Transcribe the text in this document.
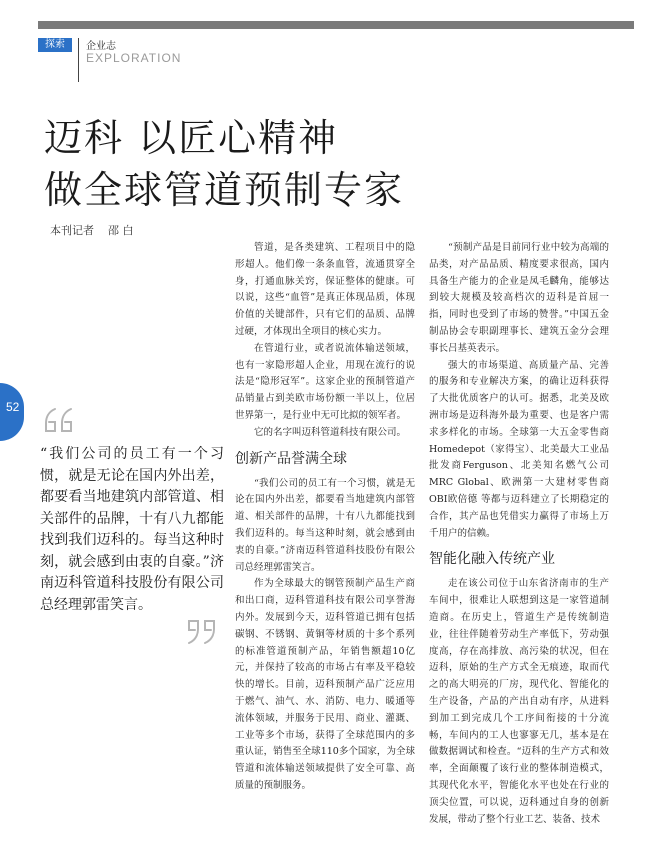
探索	企业志
EXPLORATION
迈科 以匠心精神
做全球管道预制专家
本刊记者    邵 白
52

“我们公司的员工有一个习惯，就是无论在国内外出差，都要看当地建筑内部管道、相关部件的品牌，十有八九都能找到我们迈科的。每当这种时刻，就会感到由衷的自豪。”济南迈科管道科技股份有限公司总经理郭雷笑言。

管道，是各类建筑、工程项目中的隐形超人。他们像一条条血管，流通贯穿全身，打通血脉关窍，保证整体的健康。可以说，这些“血管”是真正体现品质，体现价值的关键部件，只有它们的品质、品牌过硬，才体现出全项目的核心实力。

在管道行业，或者说流体输送领域，也有一家隐形超人企业，用现在流行的说法是“隐形冠军”。这家企业的预制管道产品销量占到美欧市场份额一半以上，位居世界第一，是行业中无可比拟的领军者。

它的名字叫迈科管道科技有限公司。

创新产品誉满全球

“我们公司的员工有一个习惯，就是无论在国内外出差，都要看当地建筑内部管道、相关部件的品牌，十有八九都能找到我们迈科的。每当这种时刻，就会感到由衷的自豪。”济南迈科管道科技股份有限公司总经理郭雷笑言。

作为全球最大的钢管预制产品生产商和出口商，迈科管道科技有限公司享誉海内外。发展到今天，迈科管道已拥有包括碳钢、不锈钢、黄铜等材质的十多个系列的标准管道预制产品，年销售额超10亿元，并保持了较高的市场占有率及平稳较快的增长。目前，迈科预制产品广泛应用于燃气、油气、水、消防、电力、暖通等流体领域，并服务于民用、商业、灌溉、工业等多个市场，获得了全球范围内的多重认证，销售至全球110多个国家，为全球管道和流体输送领域提供了安全可靠、高质量的预制服务。

“预制产品是目前同行业中较为高端的品类，对产品品质、精度要求很高，国内具备生产能力的企业是凤毛麟角，能够达到较大规模及较高档次的迈科是首屈一指，同时也受到了市场的赞誉。”中国五金制品协会专职副理事长、建筑五金分会理事长吕基英表示。

强大的市场渠道、高质量产品、完善的服务和专业解决方案，的确让迈科获得了大批优质客户的认可。据悉，北美及欧洲市场是迈科海外最为重要、也是客户需求多样化的市场。全球第一大五金零售商Homedepot（家得宝）、北美最大工业品批发商Ferguson、北美知名燃气公司MRC Global、欧洲第一大建材零售商OBI欧倍德 等都与迈科建立了长期稳定的合作，其产品也凭借实力赢得了市场上万千用户的信赖。

智能化融入传统产业

走在该公司位于山东省济南市的生产车间中，很难让人联想到这是一家管道制造商。在历史上，管道生产是传统制造业，往往伴随着劳动生产率低下，劳动强度高，存在高排放、高污染的状况，但在迈科，原始的生产方式全无痕迹，取而代之的高大明亮的厂房，现代化、智能化的生产设备，产品的产出自动有序，从进料到加工到完成几个工序间衔接的十分流畅，车间内的工人也寥寥无几，基本是在做数据调试和检查。“迈科的生产方式和效率，全面颠覆了该行业的整体制造模式，其现代化水平，智能化水平也处在行业的顶尖位置，可以说，迈科通过自身的创新发展，带动了整个行业工艺、装备、技术
